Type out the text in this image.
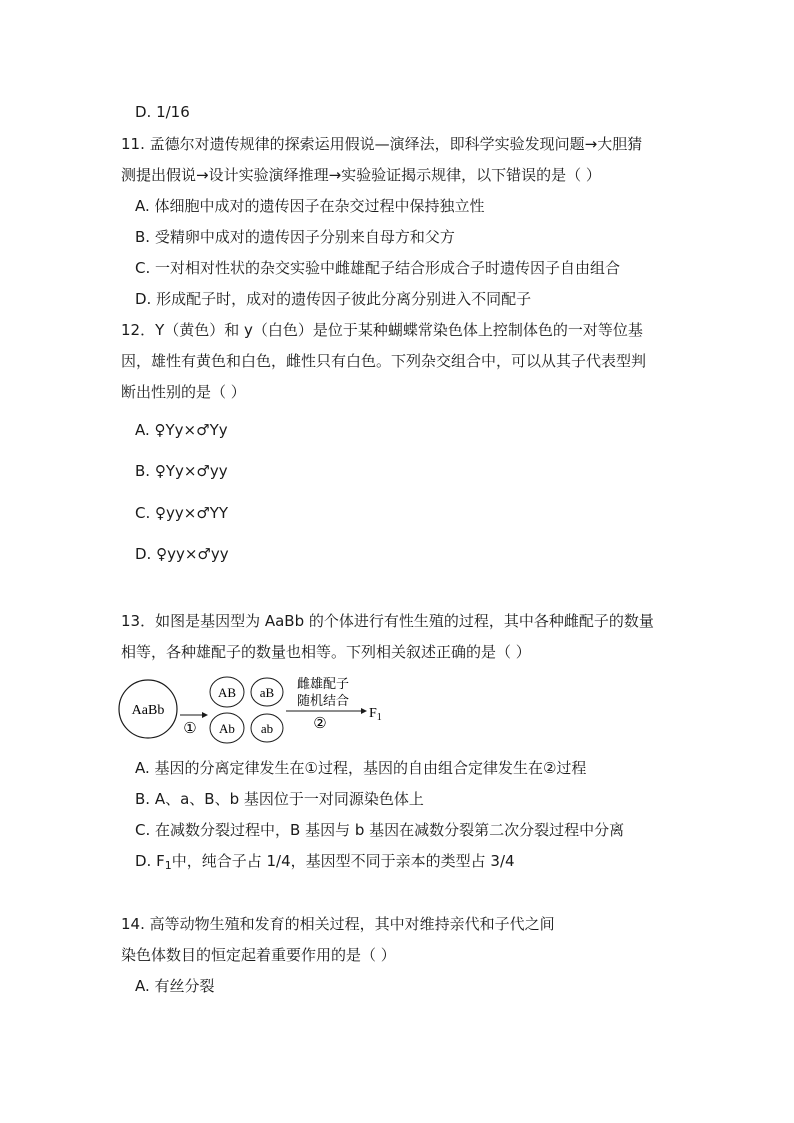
D. 1/16
11. 孟德尔对遗传规律的探索运用假说—演绎法，即科学实验发现问题→大胆猜
测提出假说→设计实验演绎推理→实验验证揭示规律，以下错误的是（ ）
A. 体细胞中成对的遗传因子在杂交过程中保持独立性
B. 受精卵中成对的遗传因子分别来自母方和父方
C. 一对相对性状的杂交实验中雌雄配子结合形成合子时遗传因子自由组合
D. 形成配子时，成对的遗传因子彼此分离分别进入不同配子
12．Y（黄色）和 y（白色）是位于某种蝴蝶常染色体上控制体色的一对等位基
因，雄性有黄色和白色，雌性只有白色。下列杂交组合中，可以从其子代表型判
断出性别的是（ ）
A. ♀Yy×♂Yy
B. ♀Yy×♂yy
C. ♀yy×♂YY
D. ♀yy×♂yy
13．如图是基因型为 AaBb 的个体进行有性生殖的过程，其中各种雌配子的数量
相等，各种雄配子的数量也相等。下列相关叙述正确的是（ ）
AaBb
①
AB aB
Ab ab
雌雄配子
随机结合
②
$F_1$
A. 基因的分离定律发生在①过程，基因的自由组合定律发生在②过程
B. A、a、B、b 基因位于一对同源染色体上
C. 在减数分裂过程中，B 基因与 b 基因在减数分裂第二次分裂过程中分离
D. $F_1$中，纯合子占 1/4，基因型不同于亲本的类型占 3/4
14. 高等动物生殖和发育的相关过程，其中对维持亲代和子代之间
染色体数目的恒定起着重要作用的是（ ）
A. 有丝分裂
